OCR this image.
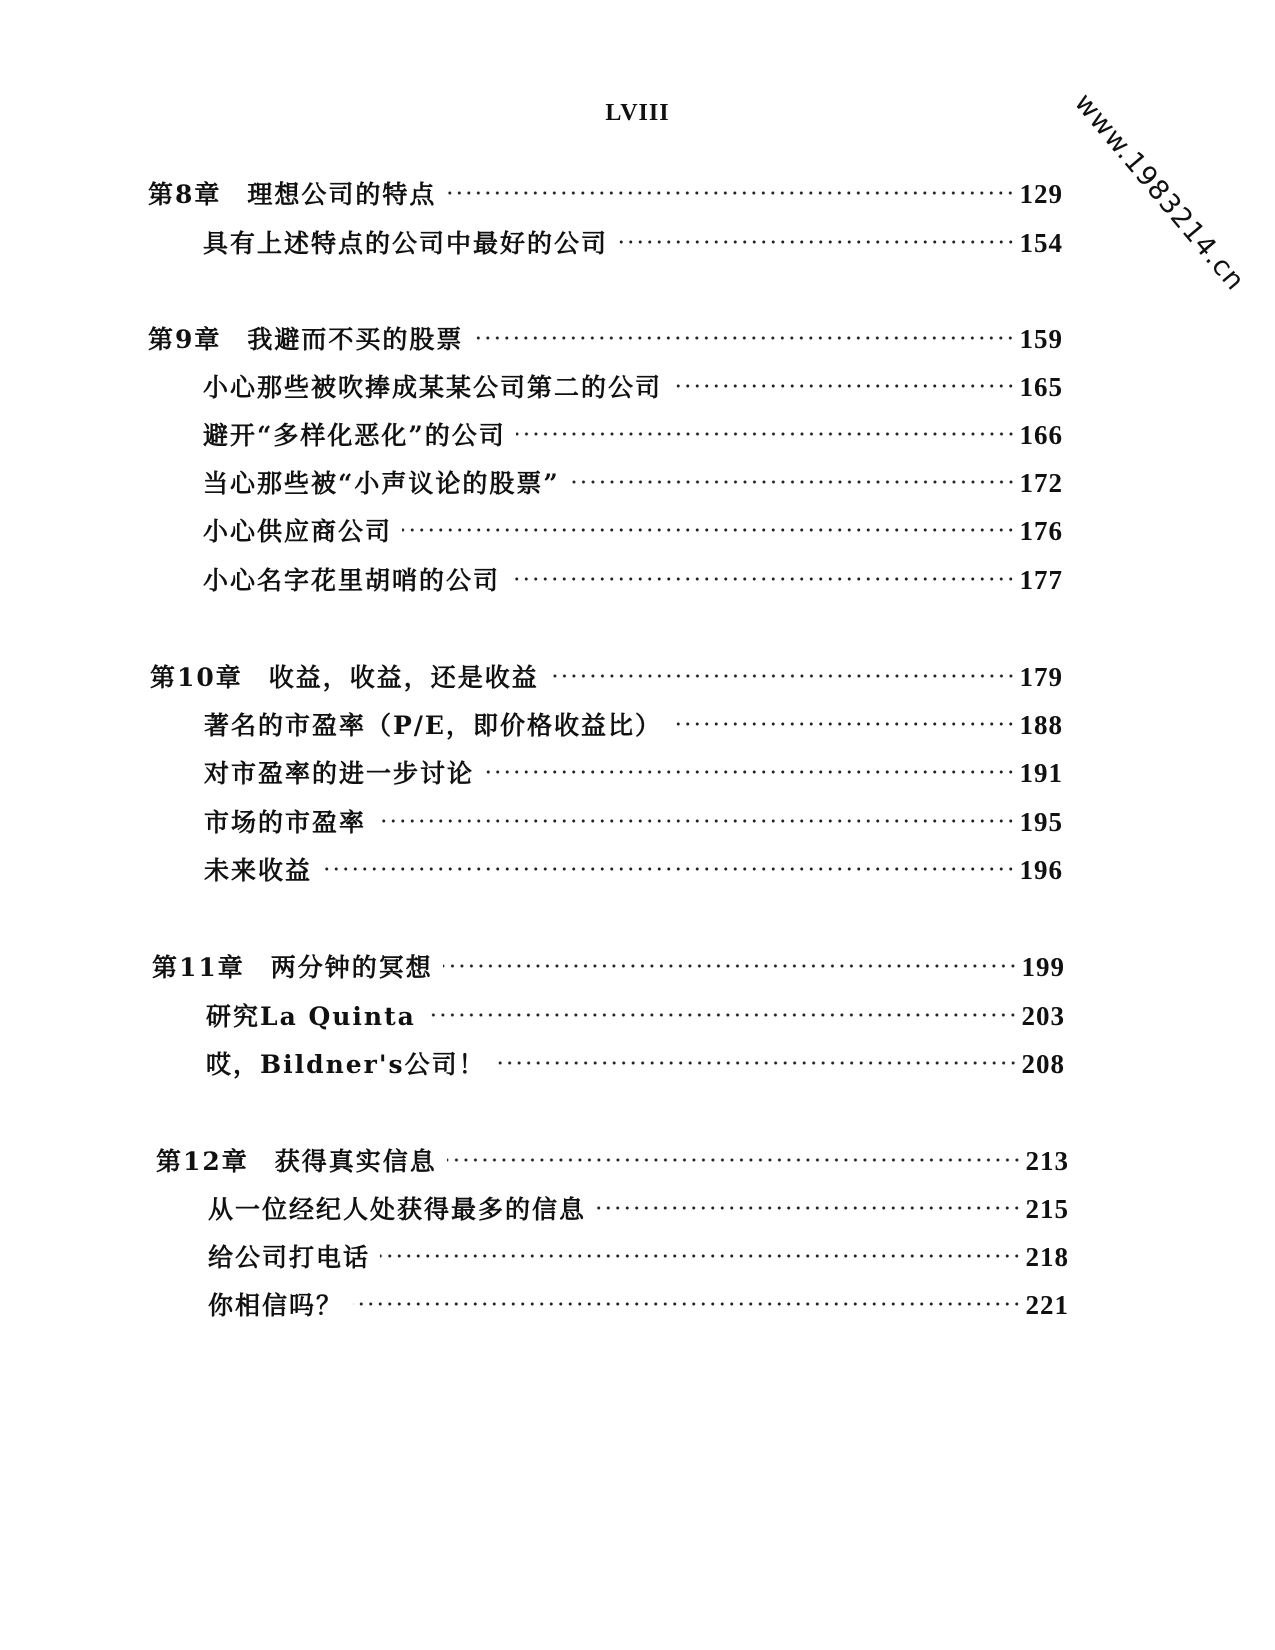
www.1983214.cn
LVIII
第8章 理想公司的特点	129
具有上述特点的公司中最好的公司	154
第9章 我避而不买的股票	159
小心那些被吹捧成某某公司第二的公司	165
避开“多样化恶化”的公司	166
当心那些被“小声议论的股票”	172
小心供应商公司	176
小心名字花里胡哨的公司	177
第10章 收益，收益，还是收益	179
著名的市盈率（P/E，即价格收益比）	188
对市盈率的进一步讨论	191
市场的市盈率	195
未来收益	196
第11章 两分钟的冥想	199
研究La Quinta	203
哎，Bildner's公司！	208
第12章 获得真实信息	213
从一位经纪人处获得最多的信息	215
给公司打电话	218
你相信吗？	221
